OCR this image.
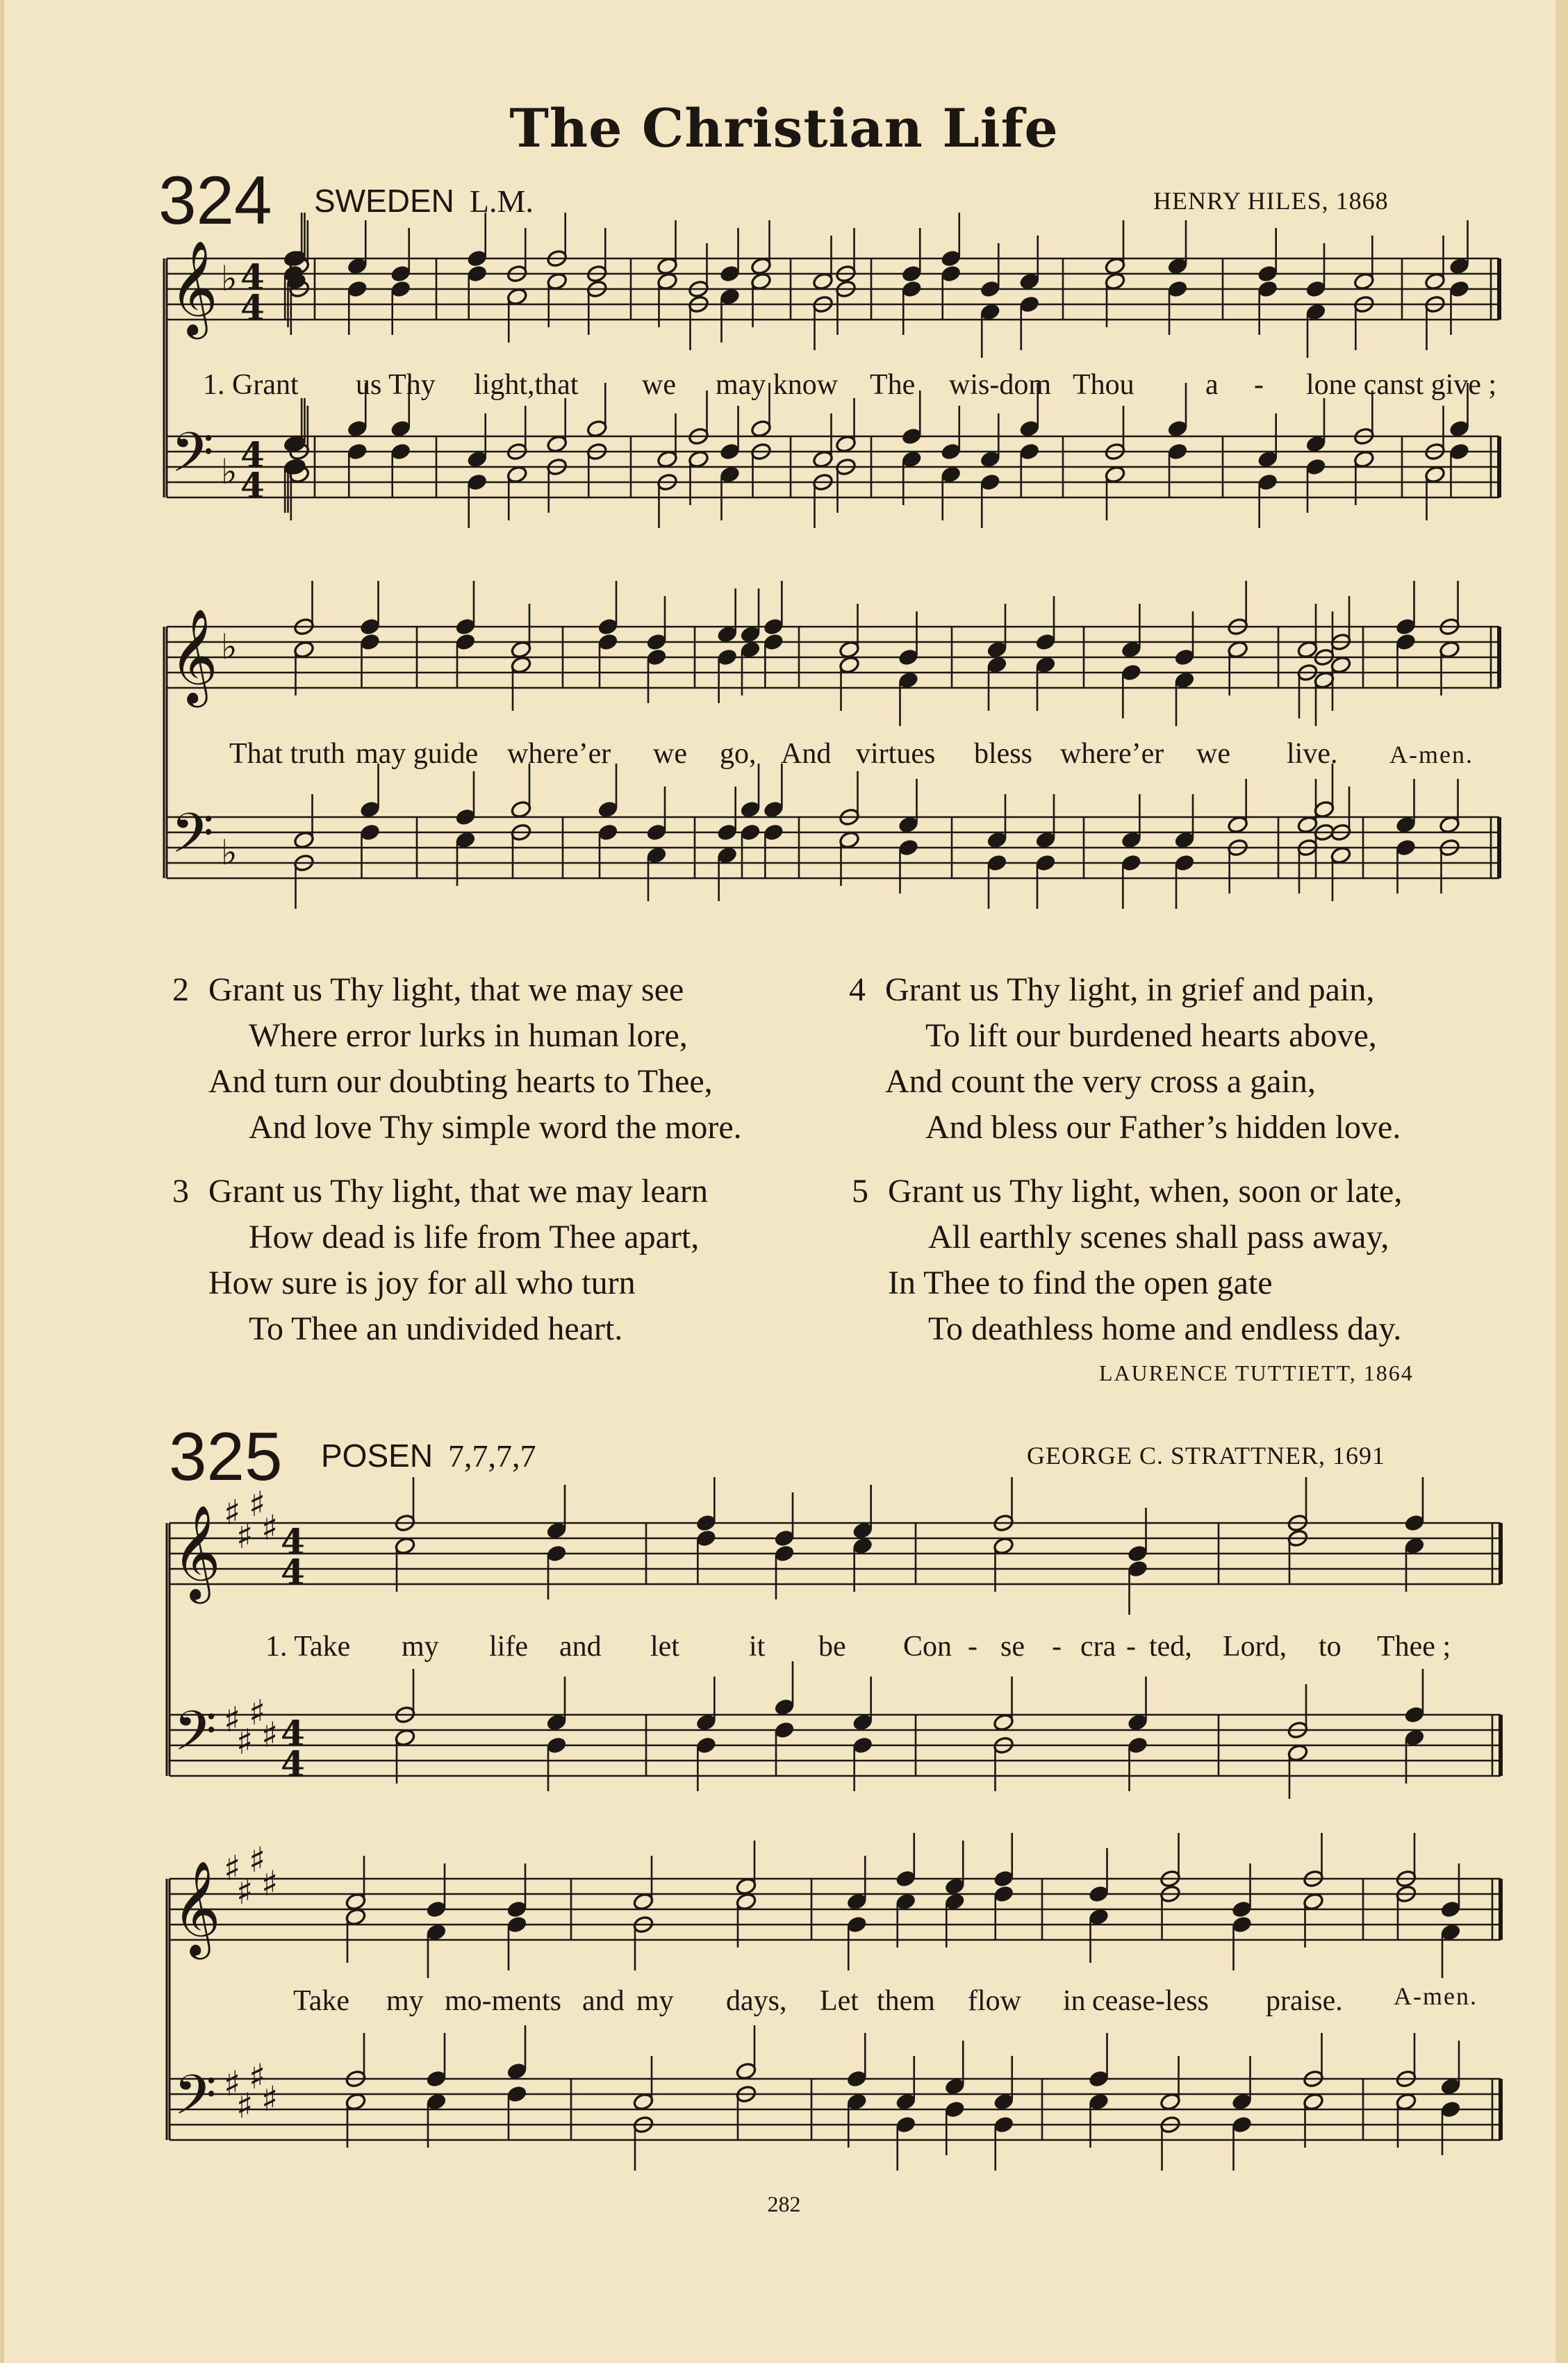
The Christian Life
324 SWEDEN L.M.	HENRY HILES, 1868
325 POSEN 7,7,7,7	GEORGE C. STRATTNER, 1691
𝄞
𝄢
♭
♭
4
4
4
4
𝄞
𝄢
♭
♭
𝄞
𝄢
♯
♯
♯
♯
♯
♯
♯
♯
4
4
4
4
𝄞
𝄢
♯
♯
♯
♯
♯
♯
♯
♯
1. Grant us Thy light,that we may know The wis-dom Thou a - lone canst give ;
That truth may guide where’er we go, And virtues bless where’er we live.
1. Take my life and let it be Con - se - cra - ted, Lord, to Thee ;
Take my mo-ments and my days, Let them flow in cease-less praise.
A-men.
A-men.
2 Grant us Thy light, that we may see
Where error lurks in human lore,
And turn our doubting hearts to Thee,
And love Thy simple word the more.
3 Grant us Thy light, that we may learn
How dead is life from Thee apart,
How sure is joy for all who turn
To Thee an undivided heart.
4 Grant us Thy light, in grief and pain,
To lift our burdened hearts above,
And count the very cross a gain,
And bless our Father’s hidden love.
5 Grant us Thy light, when, soon or late,
All earthly scenes shall pass away,
In Thee to find the open gate
To deathless home and endless day.
LAURENCE TUTTIETT, 1864
282
